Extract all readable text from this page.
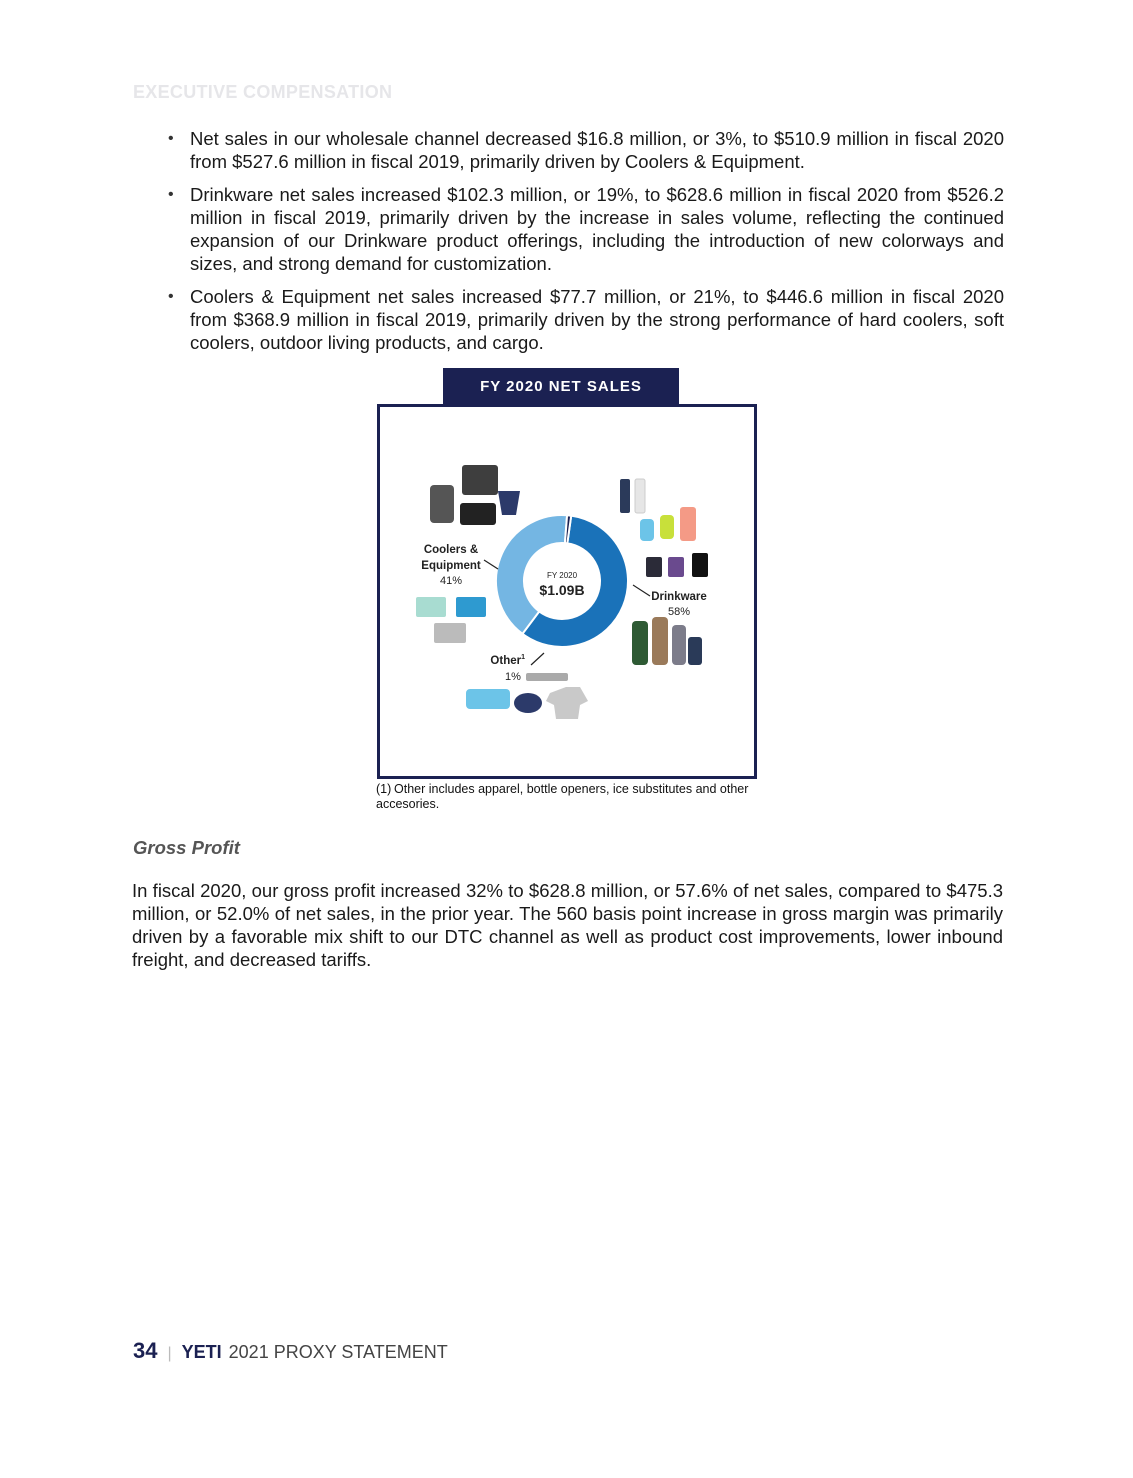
EXECUTIVE COMPENSATION
• Net sales in our wholesale channel decreased $16.8 million, or 3%, to $510.9 million in fiscal 2020 from $527.6 million in fiscal 2019, primarily driven by Coolers & Equipment.
• Drinkware net sales increased $102.3 million, or 19%, to $628.6 million in fiscal 2020 from $526.2 million in fiscal 2019, primarily driven by the increase in sales volume, reflecting the continued expansion of our Drinkware product offerings, including the introduction of new colorways and sizes, and strong demand for customization.
• Coolers & Equipment net sales increased $77.7 million, or 21%, to $446.6 million in fiscal 2020 from $368.9 million in fiscal 2019, primarily driven by the strong performance of hard coolers, soft coolers, outdoor living products, and cargo.
FY 2020 NET SALES
FY 2020
$1.09B
Coolers &
Equipment
41%
Drinkware
58%
Other$^1$
1%
(1) Other includes apparel, bottle openers, ice substitutes and other accesories.
Gross Profit
In fiscal 2020, our gross profit increased 32% to $628.8 million, or 57.6% of net sales, compared to $475.3 million, or 52.0% of net sales, in the prior year. The 560 basis point increase in gross margin was primarily driven by a favorable mix shift to our DTC channel as well as product cost improvements, lower inbound freight, and decreased tariffs.
34 | YETI 2021 PROXY STATEMENT
